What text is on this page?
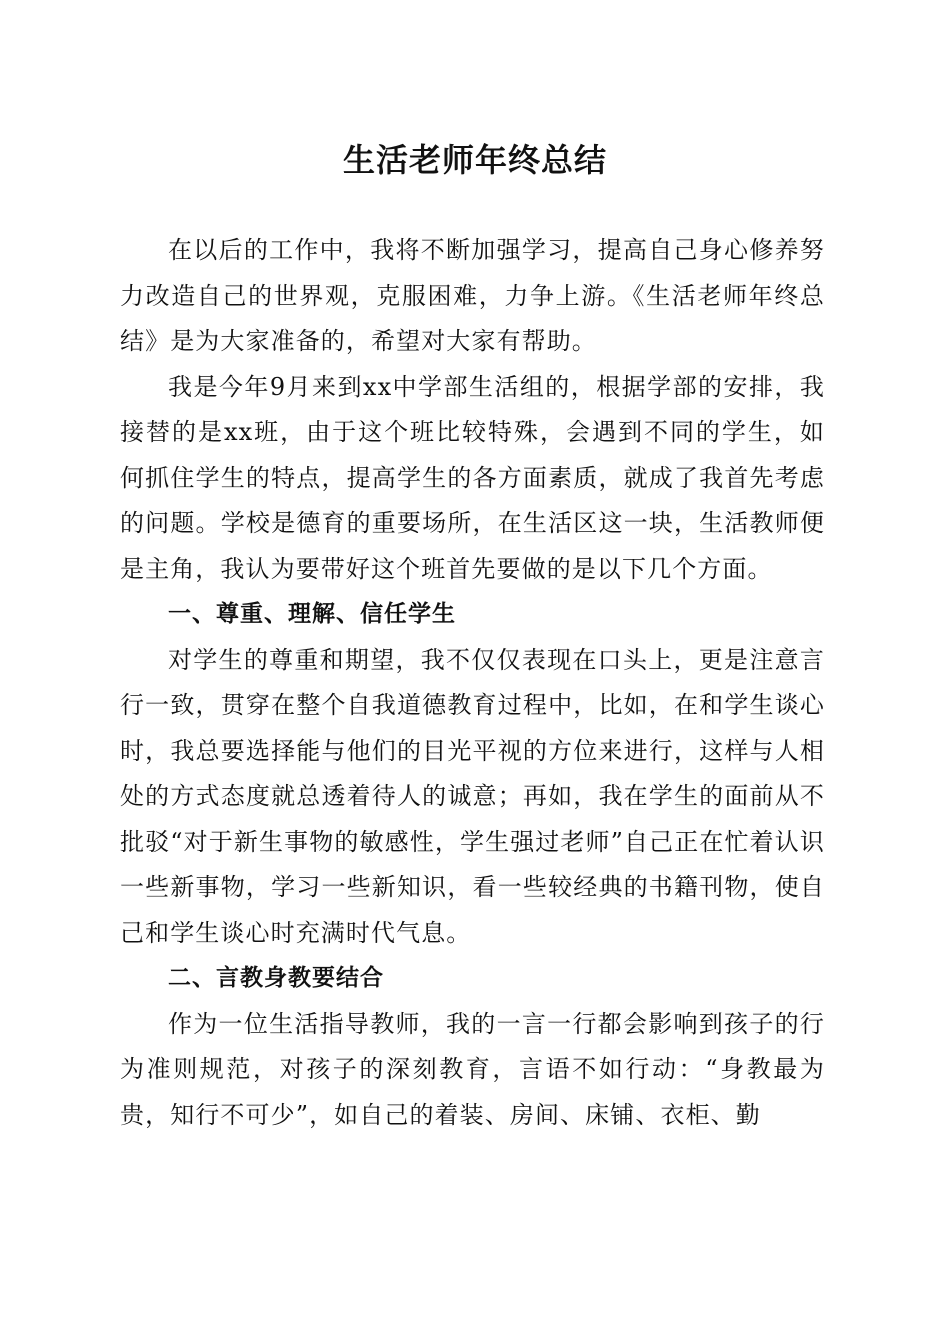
生活老师年终总结

在以后的工作中，我将不断加强学习，提高自己身心修养努力改造自己的世界观，克服困难，力争上游。《生活老师年终总结》是为大家准备的，希望对大家有帮助。

我是今年9月来到xx中学部生活组的，根据学部的安排，我接替的是xx班，由于这个班比较特殊，会遇到不同的学生，如何抓住学生的特点，提高学生的各方面素质，就成了我首先考虑的问题。学校是德育的重要场所，在生活区这一块，生活教师便是主角，我认为要带好这个班首先要做的是以下几个方面。

一、尊重、理解、信任学生

对学生的尊重和期望，我不仅仅表现在口头上，更是注意言行一致，贯穿在整个自我道德教育过程中，比如，在和学生谈心时，我总要选择能与他们的目光平视的方位来进行，这样与人相处的方式态度就总透着待人的诚意；再如，我在学生的面前从不批驳“对于新生事物的敏感性，学生强过老师”自己正在忙着认识一些新事物，学习一些新知识，看一些较经典的书籍刊物，使自己和学生谈心时充满时代气息。

二、言教身教要结合

作为一位生活指导教师，我的一言一行都会影响到孩子的行为准则规范，对孩子的深刻教育，言语不如行动：“身教最为贵，知行不可少”，如自己的着装、房间、床铺、衣柜、勤
